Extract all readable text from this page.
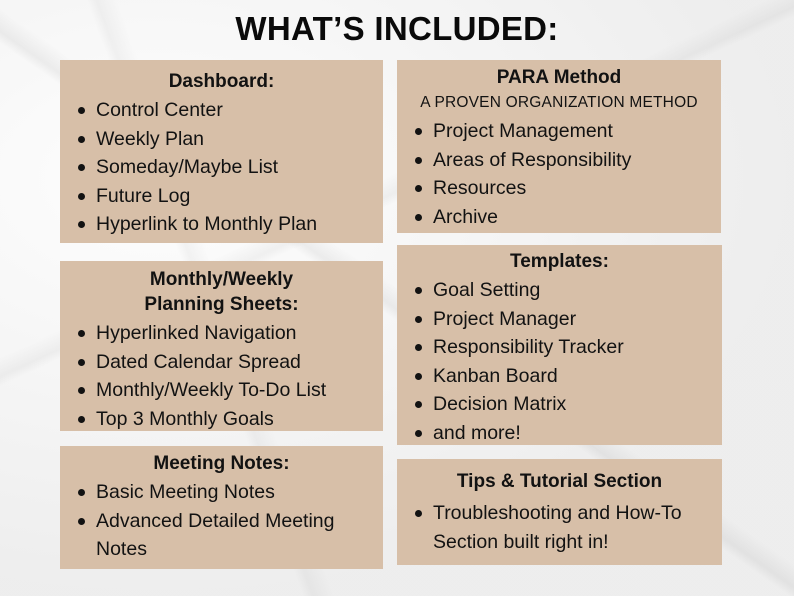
WHAT’S INCLUDED:
Dashboard:
Control Center
Weekly Plan
Someday/Maybe List
Future Log
Hyperlink to Monthly Plan
PARA Method
A PROVEN ORGANIZATION METHOD
Project Management
Areas of Responsibility
Resources
Archive
Monthly/Weekly
Planning Sheets:
Hyperlinked Navigation
Dated Calendar Spread
Monthly/Weekly To-Do List
Top 3 Monthly Goals
Templates:
Goal Setting
Project Manager
Responsibility Tracker
Kanban Board
Decision Matrix
and more!
Meeting Notes:
Basic Meeting Notes
Advanced Detailed Meeting Notes
Tips & Tutorial Section
Troubleshooting and How-To Section built right in!
